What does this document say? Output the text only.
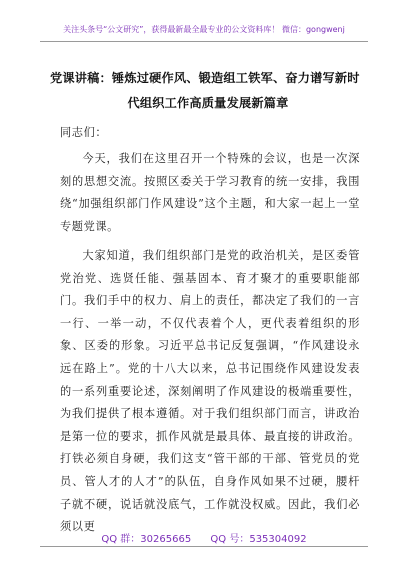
关注头条号“公文研究”，获得最新最全最专业的公文资料库！ 微信：gongwenj
党课讲稿：锤炼过硬作风、锻造组工铁军、奋力谱写新时
代组织工作高质量发展新篇章
同志们：
今天，我们在这里召开一个特殊的会议，也是一次深刻的思想交流。按照区委关于学习教育的统一安排，我围绕“加强组织部门作风建设”这个主题，和大家一起上一堂专题党课。
大家知道，我们组织部门是党的政治机关，是区委管党治党、选贤任能、强基固本、育才聚才的重要职能部门。我们手中的权力、肩上的责任，都决定了我们的一言一行、一举一动，不仅代表着个人，更代表着组织的形象、区委的形象。习近平总书记反复强调，“作风建设永远在路上”。党的十八大以来，总书记围绕作风建设发表的一系列重要论述，深刻阐明了作风建设的极端重要性，为我们提供了根本遵循。对于我们组织部门而言，讲政治是第一位的要求，抓作风就是最具体、最直接的讲政治。打铁必须自身硬，我们这支“管干部的干部、管党员的党员、管人才的人才”的队伍，自身作风如果不过硬，腰杆子就不硬，说话就没底气，工作就没权威。因此，我们必须以更
QQ 群：30265665 QQ 号：535304092
